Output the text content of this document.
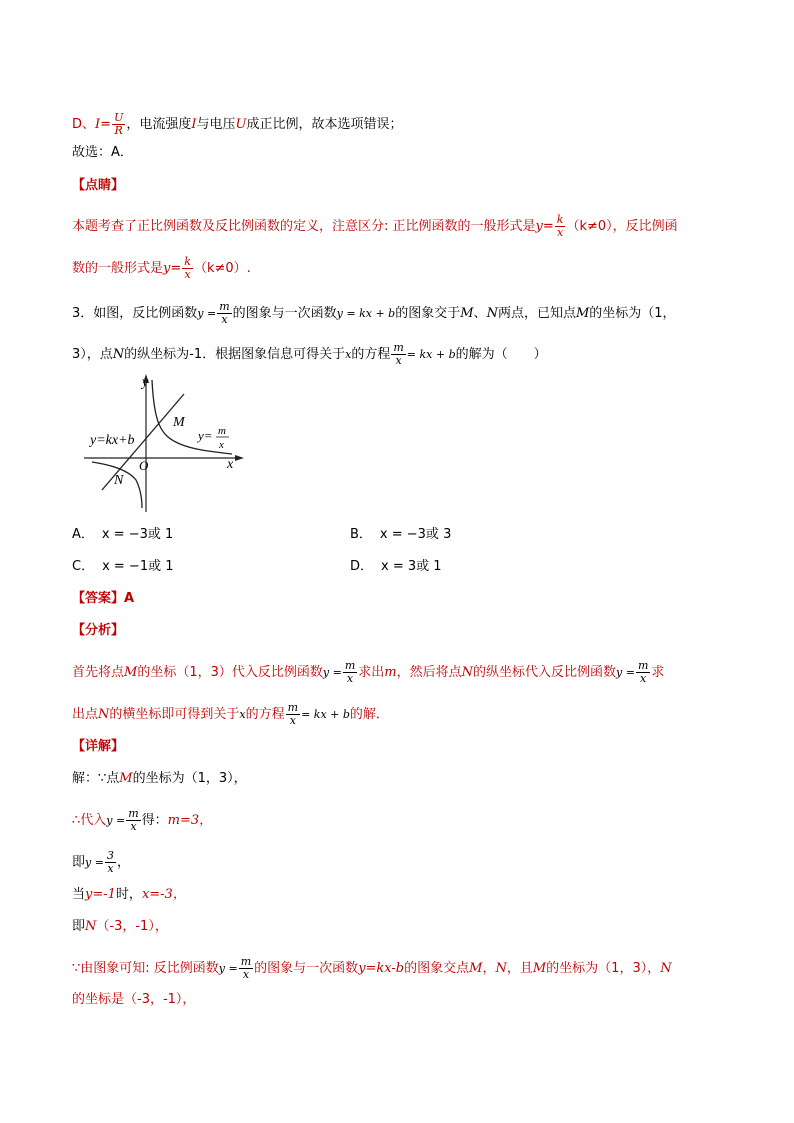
D、$I= \frac{U}{R}$ ，电流强度I与电压U成正比例，故本选项错误；
故选：A．
【点睛】
本题考查了正比例函数及反比例函数的定义，注意区分: 正比例函数的一般形式是$y= \frac{k}{x} (k\ne 0)$，反比例函
数的一般形式是$y= \frac{k}{x} (k\ne 0)$.
3．如图，反比例函数$y = \frac{m}{x}$ 的图象与一次函数y = kx + b的图象交于M、N两点，已知点M的坐标为（1，
3），点N的纵坐标为-1．根据图象信息可得关于x的方程 $\frac{m}{x}$ = kx + b的解为（　　）
y
x
O
M
N
y=kx+b	y= m
x
A． x = −3或 1	B． x = −3或 3
C． x = −1或 1	D． x = 3或 1
【答案】A
【分析】
首先将点M的坐标（1，3）代入反比例函数$y = \frac{m}{x}$ 求出m，然后将点N的纵坐标代入反比例函数$y = \frac{m}{x}$ 求
出点N的横坐标即可得到关于x的方程 $\frac{m}{x}$ = kx + b的解．
【详解】
解：∵点M的坐标为（1，3），
∴代入$y = \frac{m}{x}$ 得：m=3，
即$y = \frac{3}{x}$ ，
当y=-1时，x=-3，
即N（-3，-1），
∵由图象可知: 反比例函数$y = \frac{m}{x}$ 的图象与一次函数y=kx-b的图象交点M，N，且M的坐标为（1，3），N
的坐标是（-3，-1），
